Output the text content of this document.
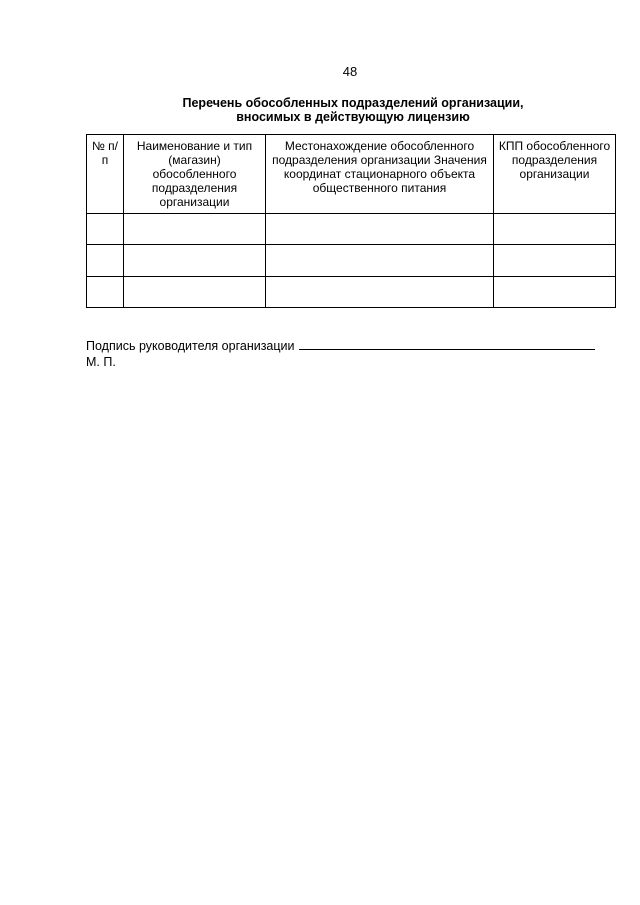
48
Перечень обособленных подразделений организации,
вносимых в действующую лицензию
№ п/п	Наименование и тип (магазин) обособленного подразделения организации	Местонахождение обособленного подразделения организации Значения координат стационарного объекта общественного питания	КПП обособленного подразделения организации

Подпись руководителя организации
М. П.
